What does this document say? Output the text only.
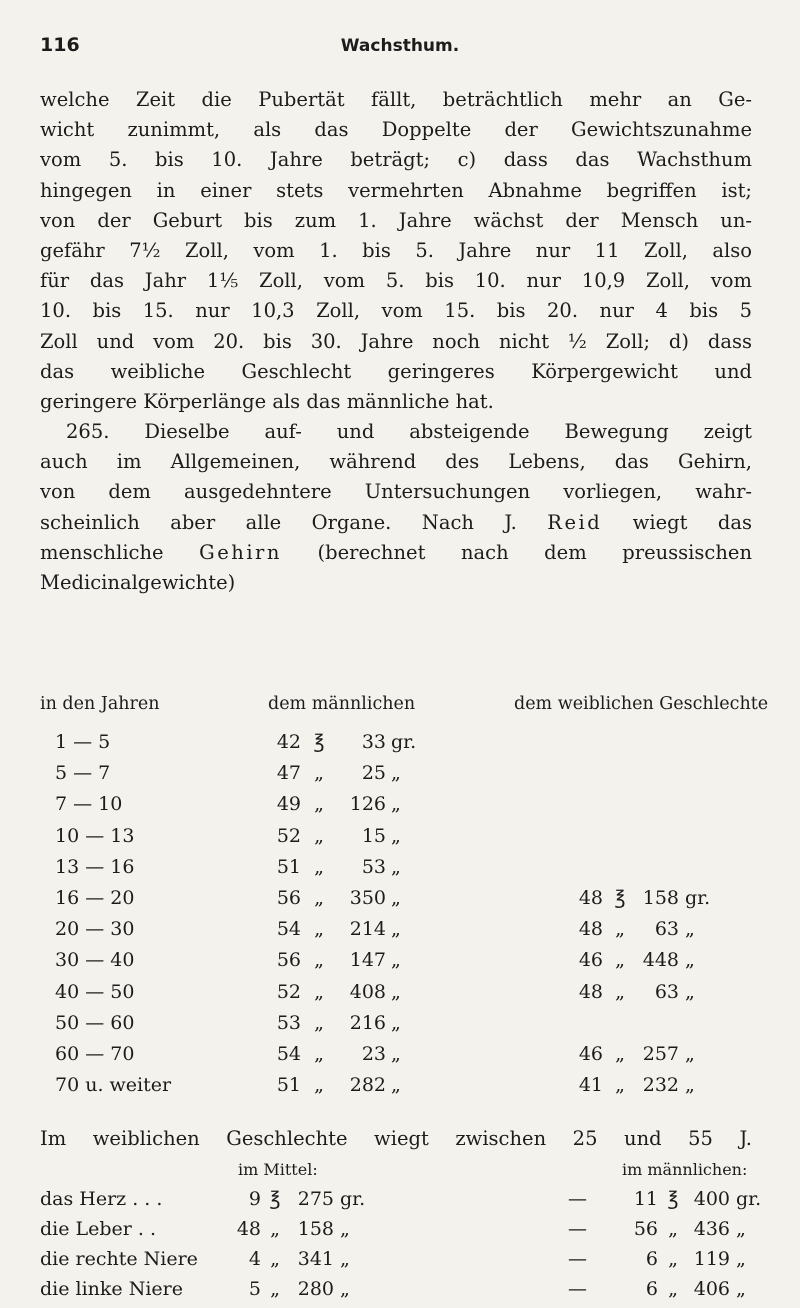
116	Wachsthum.
welche Zeit die Pubertät fällt, beträchtlich mehr an Ge-
wicht zunimmt, als das Doppelte der Gewichtszunahme
vom 5. bis 10. Jahre beträgt; c) dass das Wachsthum
hingegen in einer stets vermehrten Abnahme begriffen ist;
von der Geburt bis zum 1. Jahre wächst der Mensch un-
gefähr 7½ Zoll, vom 1. bis 5. Jahre nur 11 Zoll, also
für das Jahr 1⅕ Zoll, vom 5. bis 10. nur 10,9 Zoll, vom
10. bis 15. nur 10,3 Zoll, vom 15. bis 20. nur 4 bis 5
Zoll und vom 20. bis 30. Jahre noch nicht ½ Zoll; d) dass
das weibliche Geschlecht geringeres Körpergewicht und
geringere Körperlänge als das männliche hat.
265. Dieselbe auf- und absteigende Bewegung zeigt
auch im Allgemeinen, während des Lebens, das Gehirn,
von dem ausgedehntere Untersuchungen vorliegen, wahr-
scheinlich aber alle Organe. Nach J. Reid wiegt das
menschliche Gehirn (berechnet nach dem preussischen
Medicinalgewichte)
in den Jahren	dem männlichen	dem weiblichen Geschlechte
1 — 5	42 ℥	33 gr.
5 — 7	47 „	25 „
7 — 10	49 „	126 „
10 — 13	52 „	15 „
13 — 16	51 „	53 „
16 — 20	56 „	350 „	48 ℥ 158 gr.
20 — 30	54 „	214 „	48 „	63 „
30 — 40	56 „	147 „	46 „ 448 „
40 — 50	52 „	408 „	48 „	63 „
50 — 60	53 „	216 „
60 — 70	54 „	23 „	46 „ 257 „
70 u. weiter	51 „	282 „	41 „ 232 „
Im weiblichen Geschlechte wiegt zwischen 25 und 55 J.
im Mittel:	im männlichen:
das Herz . . .	9 ℥ 275 gr.	—	11 ℥ 400 gr.
die Leber . .	48 „ 158 „	—	56 „ 436 „
die rechte Niere	4 „ 341 „	—	6 „ 119 „
die linke Niere	5 „ 280 „	—	6 „ 406 „
